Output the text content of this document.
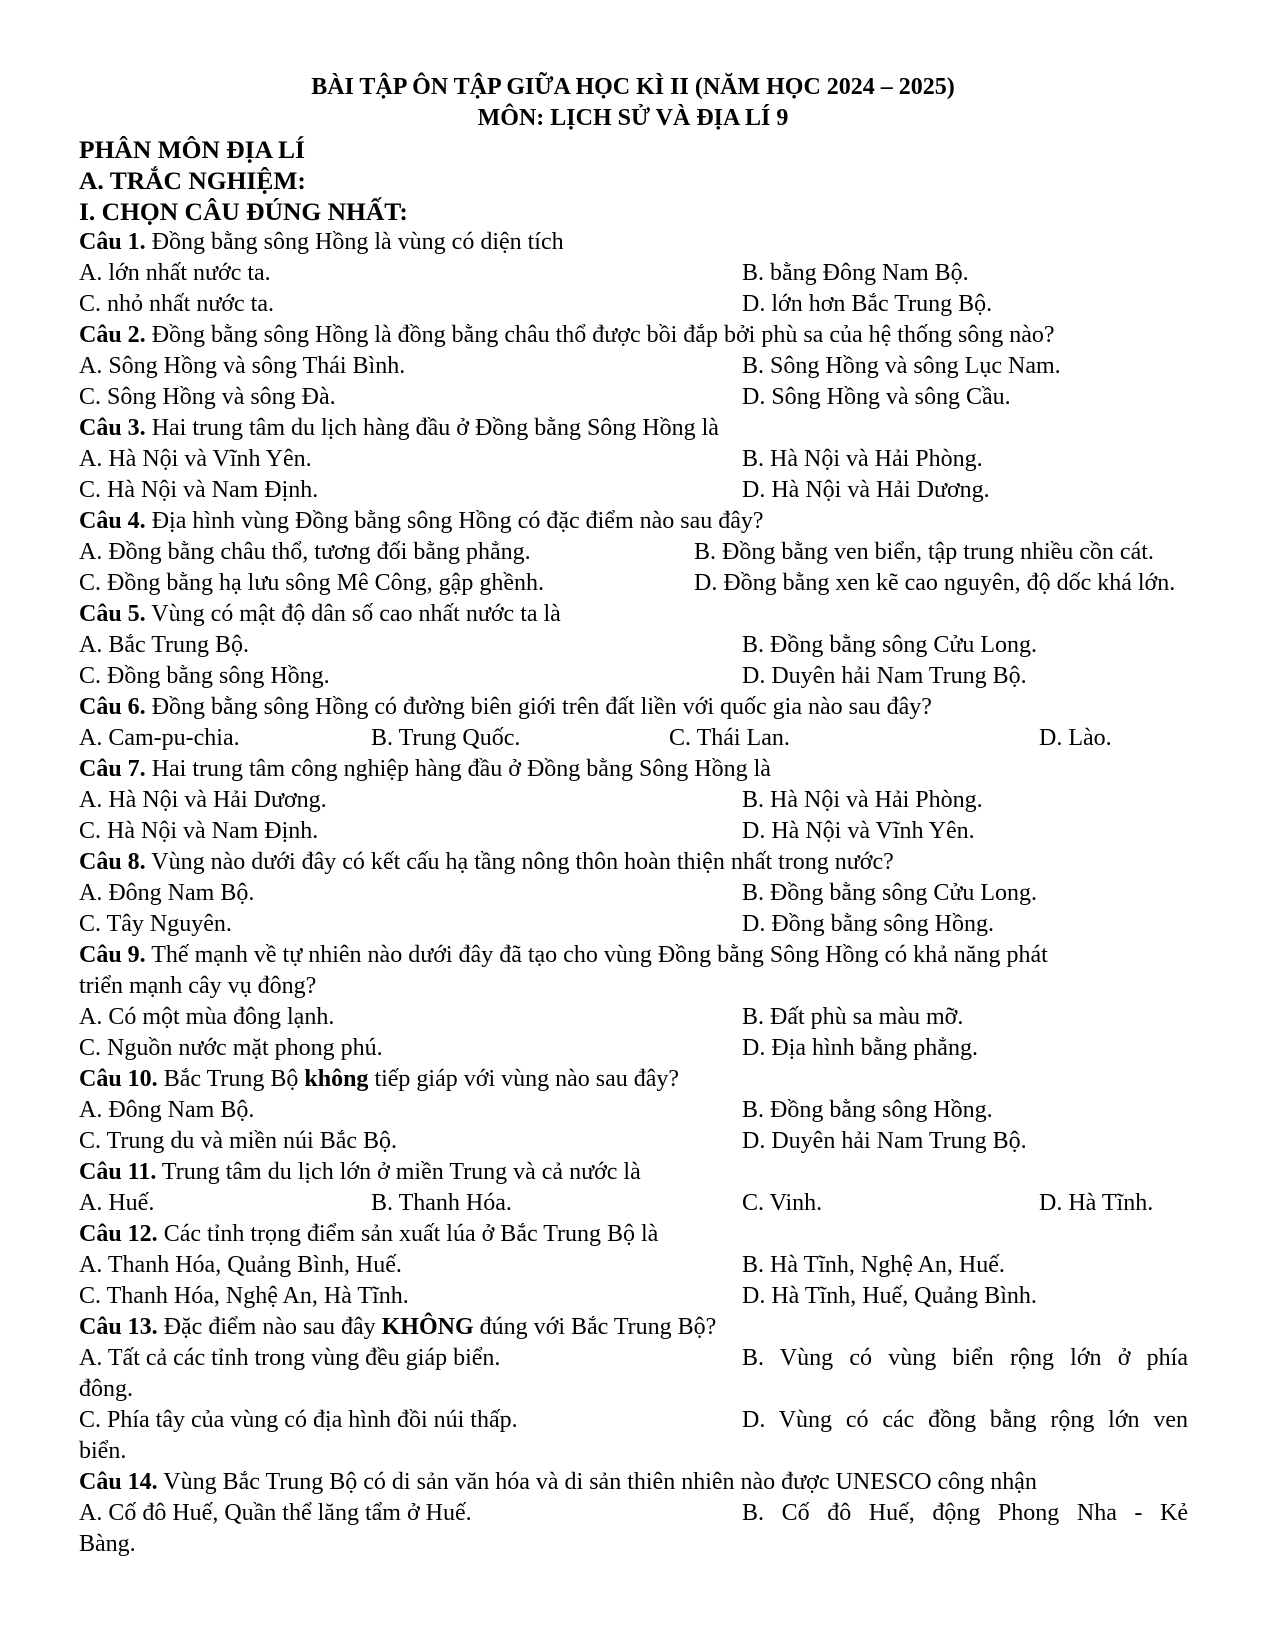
BÀI TẬP ÔN TẬP GIỮA HỌC KÌ II (NĂM HỌC 2024 – 2025)
MÔN: LỊCH SỬ VÀ ĐỊA LÍ 9
PHÂN MÔN ĐỊA LÍ
A. TRẮC NGHIỆM:
I. CHỌN CÂU ĐÚNG NHẤT:
Câu 1. Đồng bằng sông Hồng là vùng có diện tích
A. lớn nhất nước ta.	B. bằng Đông Nam Bộ.
C. nhỏ nhất nước ta.	D. lớn hơn Bắc Trung Bộ.
Câu 2. Đồng bằng sông Hồng là đồng bằng châu thổ được bồi đắp bởi phù sa của hệ thống sông nào?
A. Sông Hồng và sông Thái Bình.	B. Sông Hồng và sông Lục Nam.
C. Sông Hồng và sông Đà.	D. Sông Hồng và sông Cầu.
Câu 3. Hai trung tâm du lịch hàng đầu ở Đồng bằng Sông Hồng là
A. Hà Nội và Vĩnh Yên.	B. Hà Nội và Hải Phòng.
C. Hà Nội và Nam Định.	D. Hà Nội và Hải Dương.
Câu 4. Địa hình vùng Đồng bằng sông Hồng có đặc điểm nào sau đây?
A. Đồng bằng châu thổ, tương đối bằng phẳng.	B. Đồng bằng ven biển, tập trung nhiều cồn cát.
C. Đồng bằng hạ lưu sông Mê Công, gập ghềnh.	D. Đồng bằng xen kẽ cao nguyên, độ dốc khá lớn.
Câu 5. Vùng có mật độ dân số cao nhất nước ta là
A. Bắc Trung Bộ.	B. Đồng bằng sông Cửu Long.
C. Đồng bằng sông Hồng.	D. Duyên hải Nam Trung Bộ.
Câu 6. Đồng bằng sông Hồng có đường biên giới trên đất liền với quốc gia nào sau đây?
A. Cam-pu-chia.	B. Trung Quốc.	C. Thái Lan.	D. Lào.
Câu 7. Hai trung tâm công nghiệp hàng đầu ở Đồng bằng Sông Hồng là
A. Hà Nội và Hải Dương.	B. Hà Nội và Hải Phòng.
C. Hà Nội và Nam Định.	D. Hà Nội và Vĩnh Yên.
Câu 8. Vùng nào dưới đây có kết cấu hạ tầng nông thôn hoàn thiện nhất trong nước?
A. Đông Nam Bộ.	B. Đồng bằng sông Cửu Long.
C. Tây Nguyên.	D. Đồng bằng sông Hồng.
Câu 9. Thế mạnh về tự nhiên nào dưới đây đã tạo cho vùng Đồng bằng Sông Hồng có khả năng phát
triển mạnh cây vụ đông?
A. Có một mùa đông lạnh.	B. Đất phù sa màu mỡ.
C. Nguồn nước mặt phong phú.	D. Địa hình bằng phẳng.
Câu 10. Bắc Trung Bộ không tiếp giáp với vùng nào sau đây?
A. Đông Nam Bộ.	B. Đồng bằng sông Hồng.
C. Trung du và miền núi Bắc Bộ.	D. Duyên hải Nam Trung Bộ.
Câu 11. Trung tâm du lịch lớn ở miền Trung và cả nước là
A. Huế.	B. Thanh Hóa.	C. Vinh.	D. Hà Tĩnh.
Câu 12. Các tỉnh trọng điểm sản xuất lúa ở Bắc Trung Bộ là
A. Thanh Hóa, Quảng Bình, Huế.	B. Hà Tĩnh, Nghệ An, Huế.
C. Thanh Hóa, Nghệ An, Hà Tĩnh.	D. Hà Tĩnh, Huế, Quảng Bình.
Câu 13. Đặc điểm nào sau đây KHÔNG đúng với Bắc Trung Bộ?
A. Tất cả các tỉnh trong vùng đều giáp biển.	B. Vùng có vùng biển rộng lớn ở phía
đông.
C. Phía tây của vùng có địa hình đồi núi thấp.	D. Vùng có các đồng bằng rộng lớn ven
biển.
Câu 14. Vùng Bắc Trung Bộ có di sản văn hóa và di sản thiên nhiên nào được UNESCO công nhận
A. Cố đô Huế, Quần thể lăng tẩm ở Huế.	B. Cố đô Huế, động Phong Nha - Kẻ
Bàng.
